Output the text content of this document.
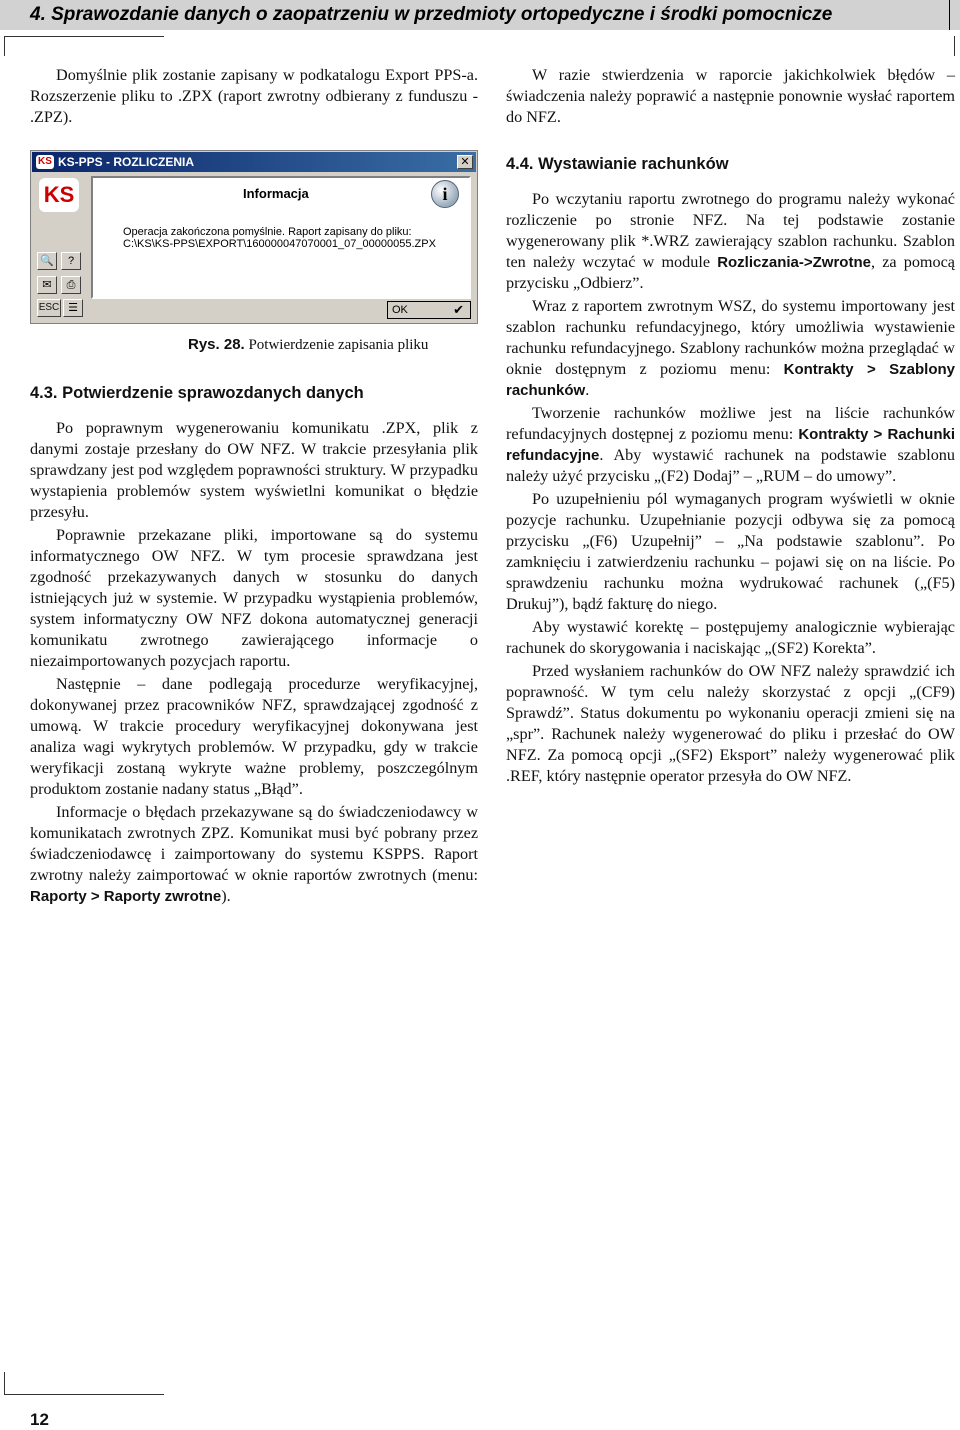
4. Sprawozdanie danych o zaopatrzeniu w przedmioty ortopedyczne i środki pomocnicze

Domyślnie plik zostanie zapisany w podkatalogu Export PPS-a. Rozszerzenie pliku to .ZPX (raport zwrotny odbierany z funduszu - .ZPZ).

W razie stwierdzenia w raporcie jakichkolwiek błędów – świadczenia należy poprawić a następnie ponownie wysłać raportem do NFZ.

KS KS-PPS - ROZLICZENIA	✕
KS	Informacja	i
Operacja zakończona pomyślnie. Raport zapisany do pliku:
C:\KS\KS-PPS\EXPORT\160000047070001_07_00000055.ZPX
🔍	?
✉	⎙
ESC ☰	OK	✔
Rys. 28. Potwierdzenie zapisania pliku
4.3. Potwierdzenie sprawozdanych danych

Po poprawnym wygenerowaniu komunikatu .ZPX, plik z danymi zostaje przesłany do OW NFZ. W trakcie przesyłania plik sprawdzany jest pod względem poprawności struktury. W przypadku wystapienia problemów system wyświetlni komunikat o błędzie przesyłu.

Poprawnie przekazane pliki, importowane są do systemu informatycznego OW NFZ. W tym procesie sprawdzana jest zgodność przekazywanych danych w stosunku do danych istniejących już w systemie. W przypadku wystąpienia problemów, system informatyczny OW NFZ dokona automatycznej generacji komunikatu zwrotnego zawierającego informacje o niezaimportowanych pozycjach raportu.

Następnie – dane podlegają procedurze weryfikacyjnej, dokonywanej przez pracowników NFZ, sprawdzającej zgodność z umową. W trakcie procedury weryfikacyjnej dokonywana jest analiza wagi wykrytych problemów. W przypadku, gdy w trakcie weryfikacji zostaną wykryte ważne problemy, poszczególnym produktom zostanie nadany status „Błąd”.

Informacje o błędach przekazywane są do świadczeniodawcy w komunikatach zwrotnych ZPZ. Komunikat musi być pobrany przez świadczeniodawcę i zaimportowany do systemu KSPPS. Raport zwrotny należy zaimportować w oknie raportów zwrotnych (menu: Raporty > Raporty zwrotne).

4.4. Wystawianie rachunków

Po wczytaniu raportu zwrotnego do programu należy wykonać rozliczenie po stronie NFZ. Na tej podstawie zostanie wygenerowany plik *.WRZ zawierający szablon rachunku. Szablon ten należy wczytać w module Rozliczania->Zwrotne, za pomocą przycisku „Odbierz”.

Wraz z raportem zwrotnym WSZ, do systemu importowany jest szablon rachunku refundacyjnego, który umożliwia wystawienie rachunku refundacyjnego. Szablony rachunków można przeglądać w oknie dostępnym z poziomu menu: Kontrakty > Szablony rachunków.

Tworzenie rachunków możliwe jest na liście rachunków refundacyjnych dostępnej z poziomu menu: Kontrakty > Rachunki refundacyjne. Aby wystawić rachunek na podstawie szablonu należy użyć przycisku „(F2) Dodaj” – „RUM – do umowy”.

Po uzupełnieniu pól wymaganych program wyświetli w oknie pozycje rachunku. Uzupełnianie pozycji odbywa się za pomocą przycisku „(F6) Uzupełnij” – „Na podstawie szablonu”. Po zamknięciu i zatwierdzeniu rachunku – pojawi się on na liście. Po sprawdzeniu rachunku można wydrukować rachunek („(F5) Drukuj”), bądź fakturę do niego.

Aby wystawić korektę – postępujemy analogicznie wybierając rachunek do skorygowania i naciskając „(SF2) Korekta”.

Przed wysłaniem rachunków do OW NFZ należy sprawdzić ich poprawność. W tym celu należy skorzystać z opcji „(CF9) Sprawdź”. Status dokumentu po wykonaniu operacji zmieni się na „spr”. Rachunek należy wygenerować do pliku i przesłać do OW NFZ. Za pomocą opcji „(SF2) Eksport” należy wygenerować plik .REF, który następnie operator przesyła do OW NFZ.

12
